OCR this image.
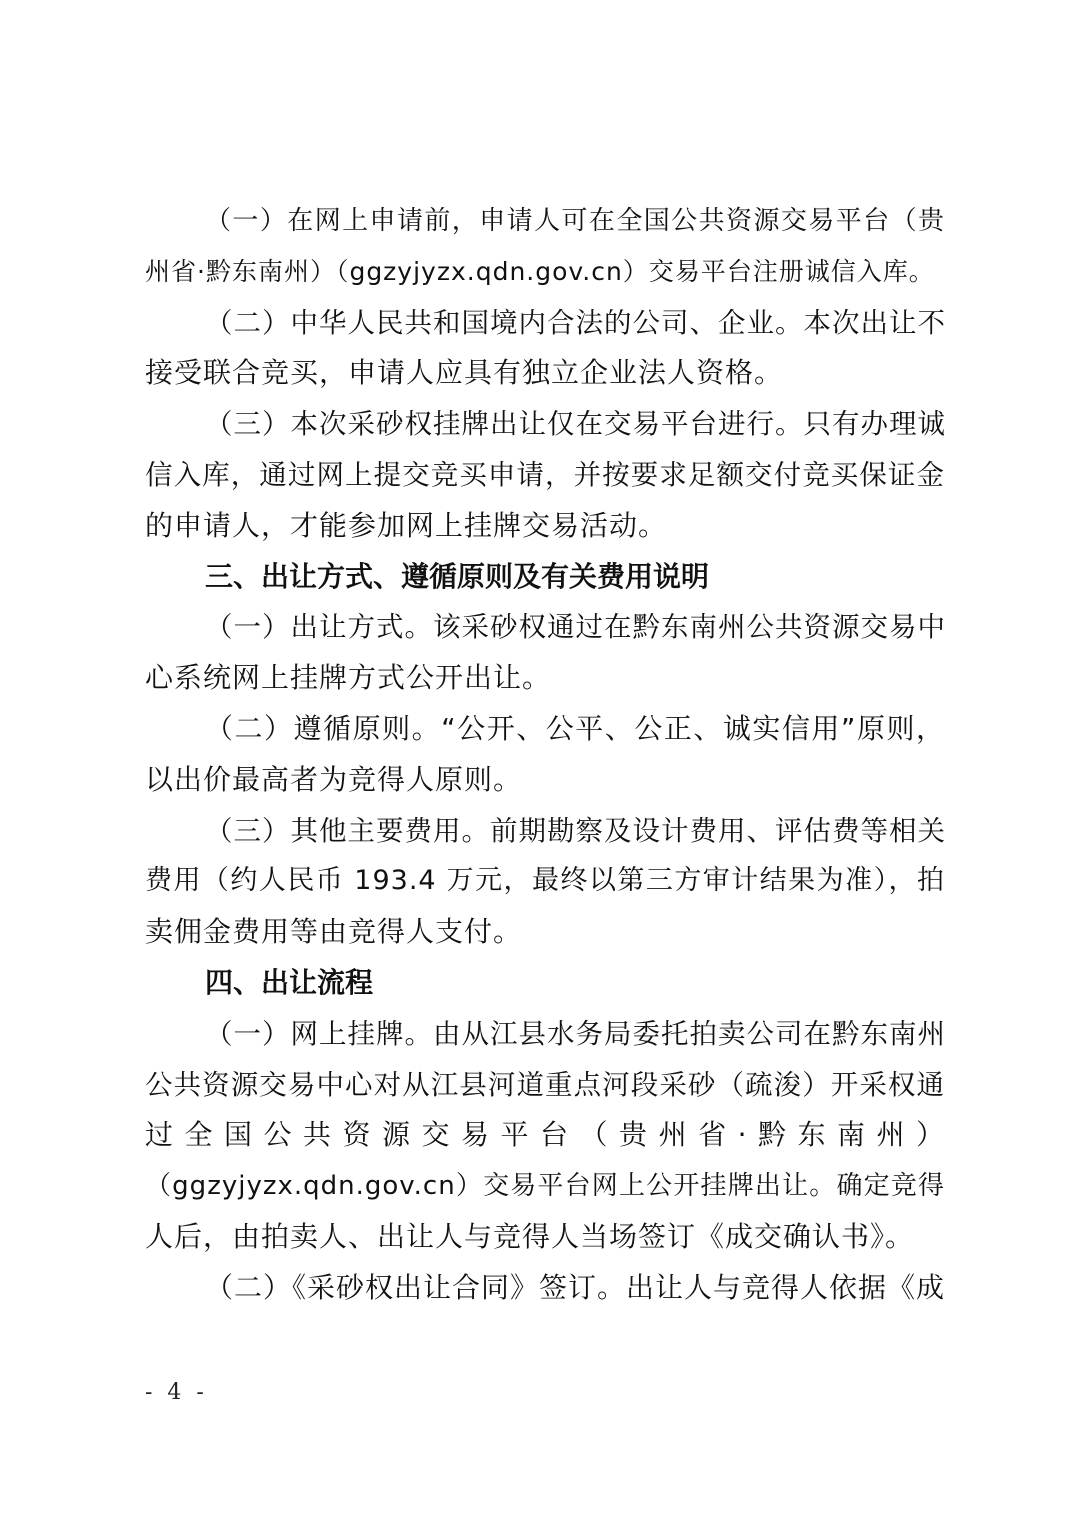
（一）在网上申请前，申请人可在全国公共资源交易平台（贵

州省·黔东南州）（ggzyjyzx.qdn.gov.cn）交易平台注册诚信入库。

（二）中华人民共和国境内合法的公司、企业。本次出让不

接受联合竞买，申请人应具有独立企业法人资格。

（三）本次采砂权挂牌出让仅在交易平台进行。只有办理诚

信入库，通过网上提交竞买申请，并按要求足额交付竞买保证金

的申请人，才能参加网上挂牌交易活动。

三、出让方式、遵循原则及有关费用说明

（一）出让方式。该采砂权通过在黔东南州公共资源交易中

心系统网上挂牌方式公开出让。

（二）遵循原则。“公开、公平、公正、诚实信用”原则，

以出价最高者为竞得人原则。

（三）其他主要费用。前期勘察及设计费用、评估费等相关

费用（约人民币 193.4 万元，最终以第三方审计结果为准），拍

卖佣金费用等由竞得人支付。

四、出让流程

（一）网上挂牌。由从江县水务局委托拍卖公司在黔东南州

公共资源交易中心对从江县河道重点河段采砂（疏浚）开采权通

过全国公共资源交易平台（贵州省·黔东南州）

（ggzyjyzx.qdn.gov.cn）交易平台网上公开挂牌出让。确定竞得

人后，由拍卖人、出让人与竞得人当场签订《成交确认书》。

（二）《采砂权出让合同》签订。出让人与竞得人依据《成

- 4 -
